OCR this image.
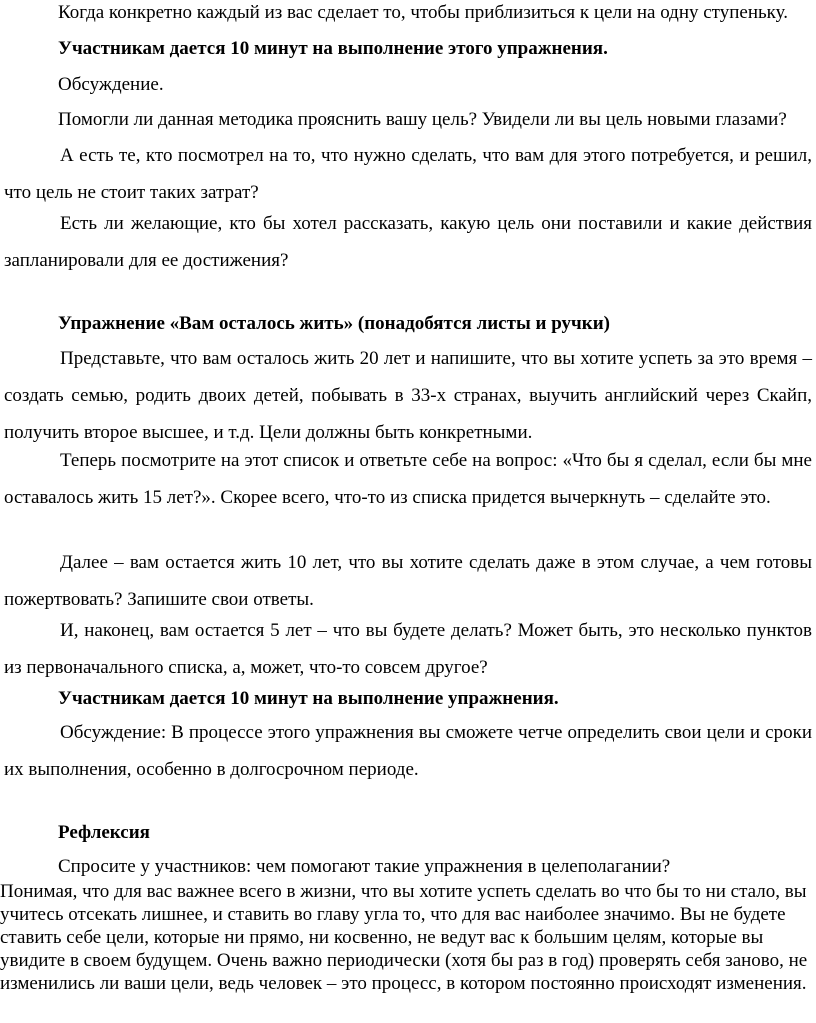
Когда конкретно каждый из вас сделает то, чтобы приблизиться к цели на одну ступеньку.

Участникам дается 10 минут на выполнение этого упражнения.

Обсуждение.

Помогли ли данная методика прояснить вашу цель? Увидели ли вы цель новыми глазами?

А есть те, кто посмотрел на то, что нужно сделать, что вам для этого потребуется, и решил, что цель не стоит таких затрат?

Есть ли желающие, кто бы хотел рассказать, какую цель они поставили и какие действия запланировали для ее достижения?

Упражнение «Вам осталось жить» (понадобятся листы и ручки)

Представьте, что вам осталось жить 20 лет и напишите, что вы хотите успеть за это время – создать семью, родить двоих детей, побывать в 33-х странах, выучить английский через Скайп, получить второе высшее, и т.д. Цели должны быть конкретными.

Теперь посмотрите на этот список и ответьте себе на вопрос: «Что бы я сделал, если бы мне оставалось жить 15 лет?». Скорее всего, что-то из списка придется вычеркнуть – сделайте это.

Далее – вам остается жить 10 лет, что вы хотите сделать даже в этом случае, а чем готовы пожертвовать? Запишите свои ответы.

И, наконец, вам остается 5 лет – что вы будете делать? Может быть, это несколько пунктов из первоначального списка, а, может, что-то совсем другое?

Участникам дается 10 минут на выполнение упражнения.

Обсуждение: В процессе этого упражнения вы сможете четче определить свои цели и сроки их выполнения, особенно в долгосрочном периоде.

Рефлексия

Спросите у участников: чем помогают такие упражнения в целеполагании?

Понимая, что для вас важнее всего в жизни, что вы хотите успеть сделать во что бы то ни стало, вы учитесь отсекать лишнее, и ставить во главу угла то, что для вас наиболее значимо. Вы не будете ставить себе цели, которые ни прямо, ни косвенно, не ведут вас к большим целям, которые вы увидите в своем будущем. Очень важно периодически (хотя бы раз в год) проверять себя заново, не изменились ли ваши цели, ведь человек – это процесс, в котором постоянно происходят изменения.
